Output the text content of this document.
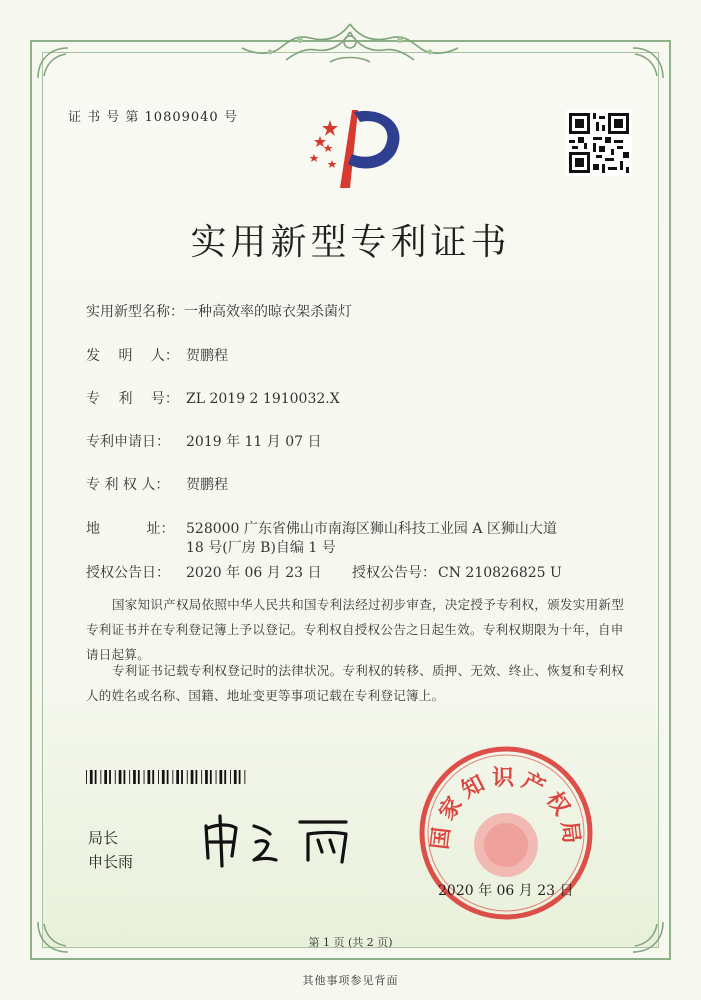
证 书 号 第 10809040 号
实用新型专利证书
实用新型名称：一种高效率的晾衣架杀菌灯
发　 明　 人： 贺鹏程
专　 利　 号： ZL 2019 2 1910032.X
专利申请日： 2019 年 11 月 07 日
专 利 权 人： 贺鹏程
地　　　 址： 528000 广东省佛山市南海区狮山科技工业园 A 区狮山大道
18 号(厂房 B)自编 1 号
授权公告日： 2020 年 06 月 23 日 授权公告号： CN 210826825 U
国家知识产权局依照中华人民共和国专利法经过初步审查，决定授予专利权，颁发实用新型专利证书并在专利登记簿上予以登记。专利权自授权公告之日起生效。专利权期限为十年，自申请日起算。
专利证书记载专利权登记时的法律状况。专利权的转移、质押、无效、终止、恢复和专利权人的姓名或名称、国籍、地址变更等事项记载在专利登记簿上。
局长
申长雨
国家知识产权局
2020 年 06 月 23 日
第 1 页 (共 2 页)
其他事项参见背面
